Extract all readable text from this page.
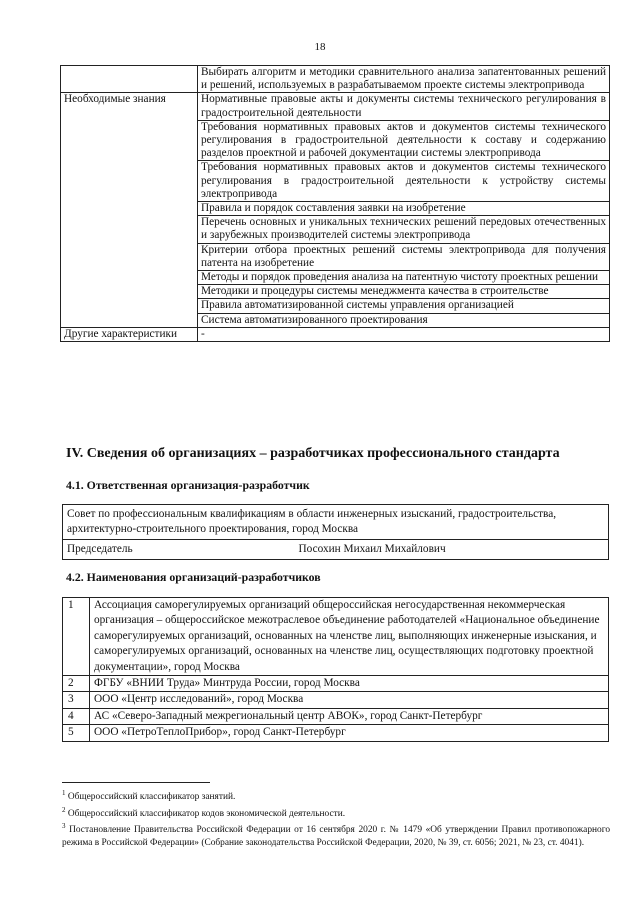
18
	Выбирать алгоритм и методики сравнительного анализа запатентованных решений и решений, используемых в разрабатываемом проекте системы электропривода
Необходимые знания	Нормативные правовые акты и документы системы технического регулирования в градостроительной деятельности
	Требования нормативных правовых актов и документов системы технического регулирования в градостроительной деятельности к составу и содержанию разделов проектной и рабочей документации системы электропривода
	Требования нормативных правовых актов и документов системы технического регулирования в градостроительной деятельности к устройству системы электропривода
	Правила и порядок составления заявки на изобретение
	Перечень основных и уникальных технических решений передовых отечественных и зарубежных производителей системы электропривода
	Критерии отбора проектных решений системы электропривода для получения патента на изобретение
	Методы и порядок проведения анализа на патентную чистоту проектных решении
	Методики и процедуры системы менеджмента качества в строительстве
	Правила автоматизированной системы управления организацией
	Система автоматизированного проектирования
Другие характеристики	-
IV. Сведения об организациях – разработчиках профессионального стандарта
4.1. Ответственная организация-разработчик
Совет по профессиональным квалификациям в области инженерных изысканий, градостроительства, архитектурно-строительного проектирования, город Москва
Председатель	Посохин Михаил Михайлович
4.2. Наименования организаций-разработчиков
1	Ассоциация саморегулируемых организаций общероссийская негосударственная некоммерческая организация – общероссийское межотраслевое объединение работодателей «Национальное объединение саморегулируемых организаций, основанных на членстве лиц, выполняющих инженерные изыскания, и саморегулируемых организаций, основанных на членстве лиц, осуществляющих подготовку проектной документации», город Москва
2	ФГБУ «ВНИИ Труда» Минтруда России, город Москва
3	ООО «Центр исследований», город Москва
4	АС «Северо-Западный межрегиональный центр АВОК», город Санкт-Петербург
5	ООО «ПетроТеплоПрибор», город Санкт-Петербург

$^1$ Общероссийский классификатор занятий.

$^2$ Общероссийский классификатор кодов экономической деятельности.

$^3$ Постановление Правительства Российской Федерации от 16 сентября 2020 г. № 1479 «Об утверждении Правил противопожарного режима в Российской Федерации» (Собрание законодательства Российской Федерации, 2020, № 39, ст. 6056; 2021, № 23, ст. 4041).
